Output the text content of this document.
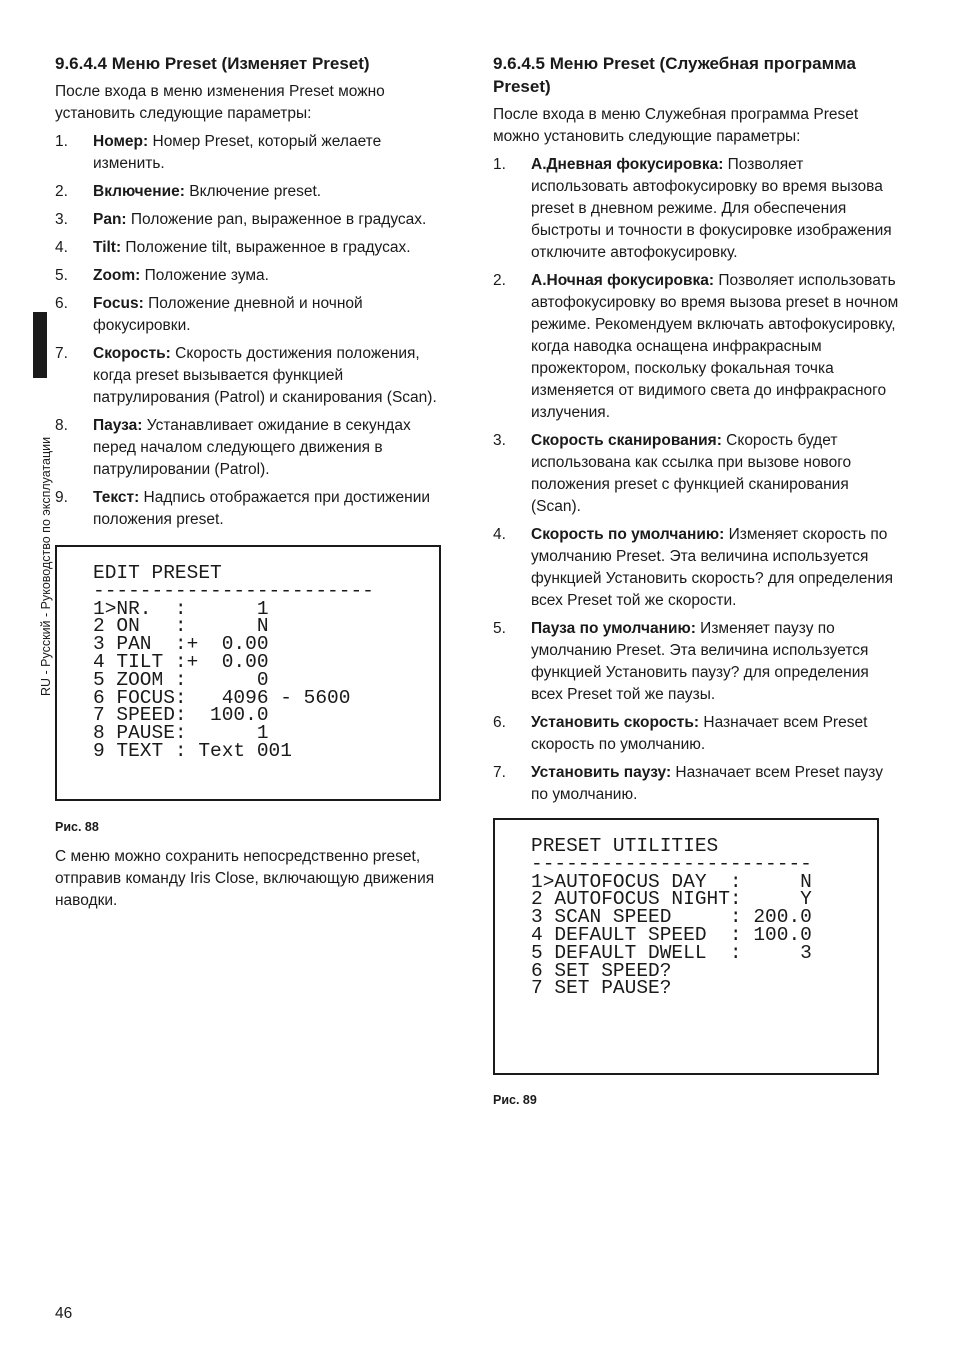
RU - Русский - Руководство по эксплуатации
9.6.4.4 Меню Preset (Изменяет Preset)

После входа в меню изменения Preset можно установить следующие параметры:

1.	Номер: Номер Preset, который желаете изменить.
2.	Включение: Включение preset.
3.	Pan: Положение pan, выраженное в градусах.
4.	Tilt: Положение tilt, выраженное в градусах.
5.	Zoom: Положение зума.
6.	Focus: Положение дневной и ночной фокусировки.
7.	Скорость: Скорость достижения положения, когда preset вызывается функцией патрулирования (Patrol) и сканирования (Scan).
8.	Пауза: Устанавливает ожидание в секундах перед началом следующего движения в патрулировании (Patrol).
9.	Текст: Надпись отображается при достижении положения preset.
EDIT PRESET
------------------------
1>NR.  :      1
2 ON   :      N
3 PAN  :+  0.00
4 TILT :+  0.00
5 ZOOM :      0
6 FOCUS:   4096 - 5600
7 SPEED:  100.0
8 PAUSE:      1
9 TEXT : Text 001

Рис. 88

С меню можно сохранить непосредственно preset, отправив команду Iris Close, включающую движения наводки.

9.6.4.5 Меню Preset (Служебная программа Preset)

После входа в меню Служебная программа Preset можно установить следующие параметры:

1.	A.Дневная фокусировка: Позволяет использовать автофокусировку во время вызова preset в дневном режиме. Для обеспечения быстроты и точности в фокусировке изображения отключите автофокусировку.
2.	A.Ночная фокусировка: Позволяет использовать автофокусировку во время вызова preset в ночном режиме. Рекомендуем включать автофокусировку, когда наводка оснащена инфракрасным прожектором, поскольку фокальная точка изменяется от видимого света до инфракрасного излучения.
3.	Скорость сканирования: Скорость будет использована как ссылка при вызове нового положения preset с функцией сканирования (Scan).
4.	Скорость по умолчанию: Изменяет скорость по умолчанию Preset. Эта величина используется функцией Установить скорость? для определения всех Preset той же скорости.
5.	Пауза по умолчанию: Изменяет паузу по умолчанию Preset. Эта величина используется функцией Установить паузу? для определения всех Preset той же паузы.
6.	Установить скорость: Назначает всем Preset скорость по умолчанию.
7.	Установить паузу: Назначает всем Preset паузу по умолчанию.
PRESET UTILITIES
------------------------
1>AUTOFOCUS DAY  :     N
2 AUTOFOCUS NIGHT:     Y
3 SCAN SPEED     : 200.0
4 DEFAULT SPEED  : 100.0
5 DEFAULT DWELL  :     3
6 SET SPEED?
7 SET PAUSE?

Рис. 89

46
